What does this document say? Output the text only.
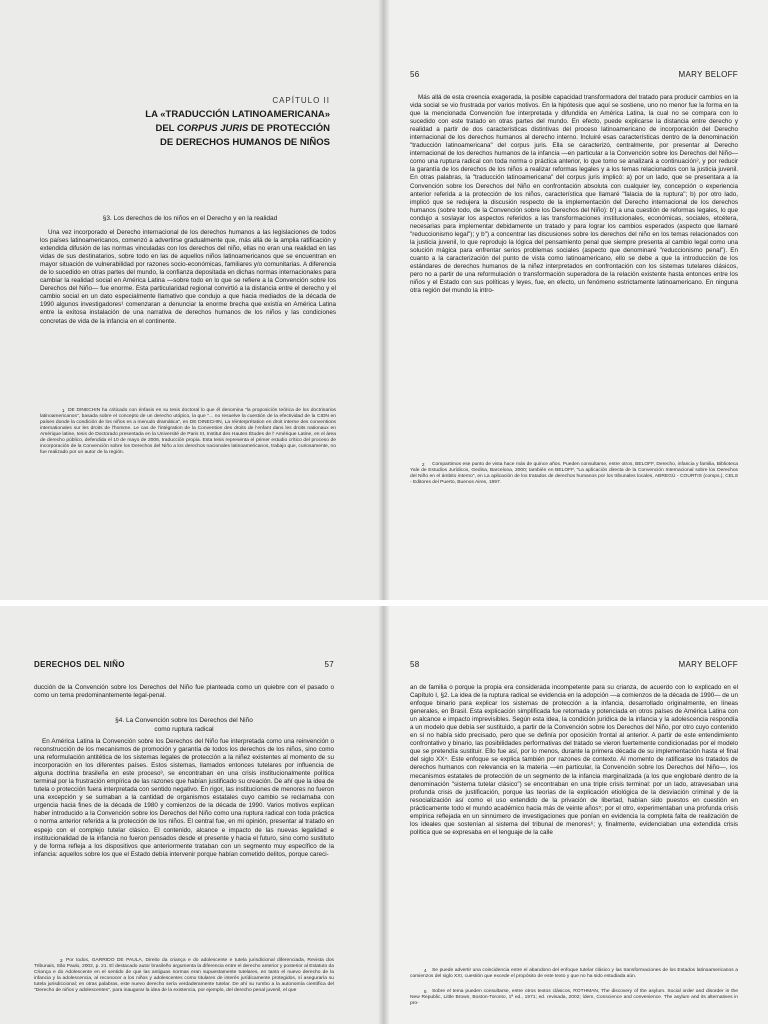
CAPÍTULO II
LA «TRADUCCIÓN LATINOAMERICANA»
DEL CORPUS JURIS DE PROTECCIÓN
DE DERECHOS HUMANOS DE NIÑOS
§3. Los derechos de los niños en el Derecho y en la realidad

Una vez incorporado el Derecho internacional de los derechos humanos a las legislaciones de todos los países latinoamericanos, comenzó a advertirse gradualmente que, más allá de la amplia ratificación y extendida difusión de las normas vinculadas con los derechos del niño, ellas no eran una realidad en las vidas de sus destinatarios, sobre todo en las de aquellos niños latinoamericanos que se encuentran en mayor situación de vulnerabilidad por razones socio-económicas, familiares y/o comunitarias. A diferencia de lo sucedido en otras partes del mundo, la confianza depositada en dichas normas internacionales para cambiar la realidad social en América Latina —sobre todo en lo que se refiere a la Convención sobre los Derechos del Niño— fue enorme. Esta particularidad regional convirtió a la distancia entre el derecho y el cambio social en un dato especialmente llamativo que condujo a que hacia mediados de la década de 1990 algunos investigadores¹ comenzaran a denunciar la enorme brecha que existía en América Latina entre la exitosa instalación de una narrativa de derechos humanos de los niños y las condiciones concretas de vida de la infancia en el continente.

1 DE DINECHIN ha criticado con énfasis en su tesis doctoral lo que él denomina "la proposición teórica de los doctrinarios latinoamericanos", basada sobre el concepto de un derecho utópico, la que "... no resuelve la cuestión de la efectividad de la CIDN en países donde la condición de los niños es a menudo dramática", en DE DINECHIN, La réinterprétation en droit interne des conventions internationales sur les droits de l'homme. Le cas de l'intégration de la Convention des droits de l'enfant dans les droits nationaux en Amérique latine, tesis de Doctorado presentada en la Université de Paris III, Institut des Hautes Études de l' Amérique Latine, en el área de derecho público, defendida el 10 de mayo de 2006, traducción propia. Esta tesis representa el primer estudio crítico del proceso de incorporación de la Convención sobre los Derechos del Niño a los derechos nacionales latinoamericanos, trabajo que, curiosamente, no fue realizado por un autor de la región.

56	MARY BELOFF

Más allá de esta creencia exagerada, la posible capacidad transformadora del tratado para producir cambios en la vida social se vio frustrada por varios motivos. En la hipótesis que aquí se sostiene, uno no menor fue la forma en la que la mencionada Convención fue interpretada y difundida en América Latina, la cual no se compara con lo sucedido con este tratado en otras partes del mundo. En efecto, puede explicarse la distancia entre derecho y realidad a partir de dos características distintivas del proceso latinoamericano de incorporación del Derecho internacional de los derechos humanos al derecho interno. Incluiré esas características dentro de la denominación "traducción latinoamericana" del corpus juris. Ella se caracterizó, centralmente, por presentar al Derecho internacional de los derechos humanos de la infancia —en particular a la Convención sobre los Derechos del Niño— como una ruptura radical con toda norma o práctica anterior, lo que tomo se analizará a continuación², y por reducir la garantía de los derechos de los niños a realizar reformas legales y a los temas relacionados con la justicia juvenil. En otras palabras, la "traducción latinoamericana" del corpus juris implicó: a) por un lado, que se presentara a la Convención sobre los Derechos del Niño en confrontación absoluta con cualquier ley, concepción o experiencia anterior referida a la protección de los niños, característica que llamaré "falacia de la ruptura"; b) por otro lado, implicó que se redujera la discusión respecto de la implementación del Derecho internacional de los derechos humanos (sobre todo, de la Convención sobre los Derechos del Niño): b') a una cuestión de reformas legales, lo que condujo a soslayar los aspectos referidos a las transformaciones institucionales, económicas, sociales, etcétera, necesarias para implementar debidamente un tratado y para lograr los cambios esperados (aspecto que llamaré "reduccionismo legal"); y b'') a concentrar las discusiones sobre los derechos del niño en los temas relacionados con la justicia juvenil, lo que reprodujo la lógica del pensamiento penal que siempre presenta al cambio legal como una solución mágica para enfrentar serios problemas sociales (aspecto que denominaré "reduccionismo penal"). En cuanto a la caracterización del punto de vista como latinoamericano, ello se debe a que la introducción de los estándares de derechos humanos de la niñez interpretados en confrontación con los sistemas tutelares clásicos, pero no a partir de una reformulación o transformación superadora de la relación existente hasta entonces entre los niños y el Estado con sus políticas y leyes, fue, en efecto, un fenómeno estrictamente latinoamericano. En ninguna otra región del mundo la intro-

2	Compartimos ese punto de vista hace más de quince años. Pueden consultarse, entre otros, BELOFF, Derecho, infancia y familia, Biblioteca Yale de Estudios Jurídicos, Gedisa, Barcelona, 2000; también en BELOFF, "La aplicación directa de la Convención Internacional sobre los Derechos del Niño en el ámbito interno", en La aplicación de los tratados de derechos humanos por los tribunales locales, ABREGÚ - COURTIS (comps.), CELS - Editores del Puerto, Buenos Aires, 1997.

DERECHOS DEL NIÑO	57

ducción de la Convención sobre los Derechos del Niño fue planteada como un quiebre con el pasado o como un tema predominantemente legal-penal.

§4. La Convención sobre los Derechos del Niño
como ruptura radical

En América Latina la Convención sobre los Derechos del Niño fue interpretada como una reinvención o reconstrucción de los mecanismos de promoción y garantía de todos los derechos de los niños, sino como una reformulación antitética de los sistemas legales de protección a la niñez existentes al momento de su incorporación en los diferentes países. Estos sistemas, llamados entonces tutelares por influencia de alguna doctrina brasileña en este proceso³, se encontraban en una crisis institucionalmente política terminal por la frustración empírica de las razones que habían justificado su creación. De ahí que la idea de tutela o protección fuera interpretada con sentido negativo. En rigor, las instituciones de menores no fueron una excepción y se sumaban a la cantidad de organismos estatales cuyo cambio se reclamaba con urgencia hacia fines de la década de 1980 y comienzos de la década de 1990. Varios motivos explican haber introducido a la Convención sobre los Derechos del Niño como una ruptura radical con toda práctica o norma anterior referida a la protección de los niños. El central fue, en mi opinión, presentar al tratado en espejo con el complejo tutelar clásico. El contenido, alcance e impacto de las nuevas legalidad e institucionalidad de la infancia no fueron pensados desde el presente y hacia el futuro, sino como sustituto y de forma refleja a los dispositivos que anteriormente trataban con un segmento muy específico de la infancia: aquellos sobre los que el Estado debía intervenir porque habían cometido delitos, porque careci-

3 Por todos, GARRIDO DE PAULA, Direito da criança e do adolescente e tutela jurisdicional diferenciada, Revista dos Tribunais, São Paulo, 2002, p. 21. El destacado autor brasileño argumenta la diferencia entre el derecho anterior y posterior al Estatuto da Criança e do Adolescente en el sentido de que las antiguas normas eran supuestamente tutelares, en tanto el nuevo derecho de la infancia y la adolescencia, al reconocer a los niños y adolescentes como titulares de interés jurídicamente protegidos, sí aseguraría su tutela jurisdiccional; en otras palabras, este nuevo derecho sería verdaderamente tutelar. De ahí su rumbo a la autonomía científica del "Derecho de niños y adolescentes", para inaugurar la idea de la existencia, por ejemplo, del derecho penal juvenil, el que

58	MARY BELOFF

an de familia o porque la propia era considerada incompetente para su crianza, de acuerdo con lo explicado en el Capítulo I, §2. La idea de la ruptura radical se evidencia en la adopción —a comienzos de la década de 1990— de un enfoque binario para explicar los sistemas de protección a la infancia, desarrollado originalmente, en líneas generales, en Brasil. Esta explicación simplificada fue retomada y potenciada en otros países de América Latina con un alcance e impacto imprevisibles. Según esta idea, la condición jurídica de la infancia y la adolescencia respondía a un modelo que debía ser sustituido, a partir de la Convención sobre los Derechos del Niño, por otro cuyo contenido en sí no había sido precisado, pero que se definía por oposición frontal al anterior. A partir de este entendimiento confrontativo y binario, las posibilidades performativas del tratado se vieron fuertemente condicionadas por el modelo que se pretendía sustituir. Ello fue así, por lo menos, durante la primera década de su implementación hasta el final del siglo XX⁴. Este enfoque se explica también por razones de contexto. Al momento de ratificarse los tratados de derechos humanos con relevancia en la materia —en particular, la Convención sobre los Derechos del Niño—, los mecanismos estatales de protección de un segmento de la infancia marginalizada (a los que englobaré dentro de la denominación "sistema tutelar clásico") se encontraban en una triple crisis terminal: por un lado, atravesaban una profunda crisis de justificación, porque las teorías de la explicación etiológica de la desviación criminal y de la resocialización así como el uso extendido de la privación de libertad, habían sido puestos en cuestión en prácticamente todo el mundo académico hacia más de veinte años⁵; por el otro, experimentaban una profunda crisis empírica reflejada en un sinnúmero de investigaciones que ponían en evidencia la completa falta de realización de los ideales que sostenían al sistema del tribunal de menores⁶; y, finalmente, evidenciaban una extendida crisis política que se expresaba en el lenguaje de la calle

4	Se puede advertir una coincidencia entre el abandono del enfoque tutelar clásico y las transformaciones de los Estados latinoamericanos a comienzos del siglo XXI, cuestión que excede el propósito de este texto y que no ha sido estudiada aún.

5	Sobre el tema pueden consultarse, entre otros textos clásicos, ROTHMAN, The discovery of the asylum. Social order and disorder in the New Republic, Little Brown, Boston-Toronto, 1ª ed., 1971; ed. revisada, 2002; ídem, Conscience and convenience. The asylum and its alternatives in pro-
